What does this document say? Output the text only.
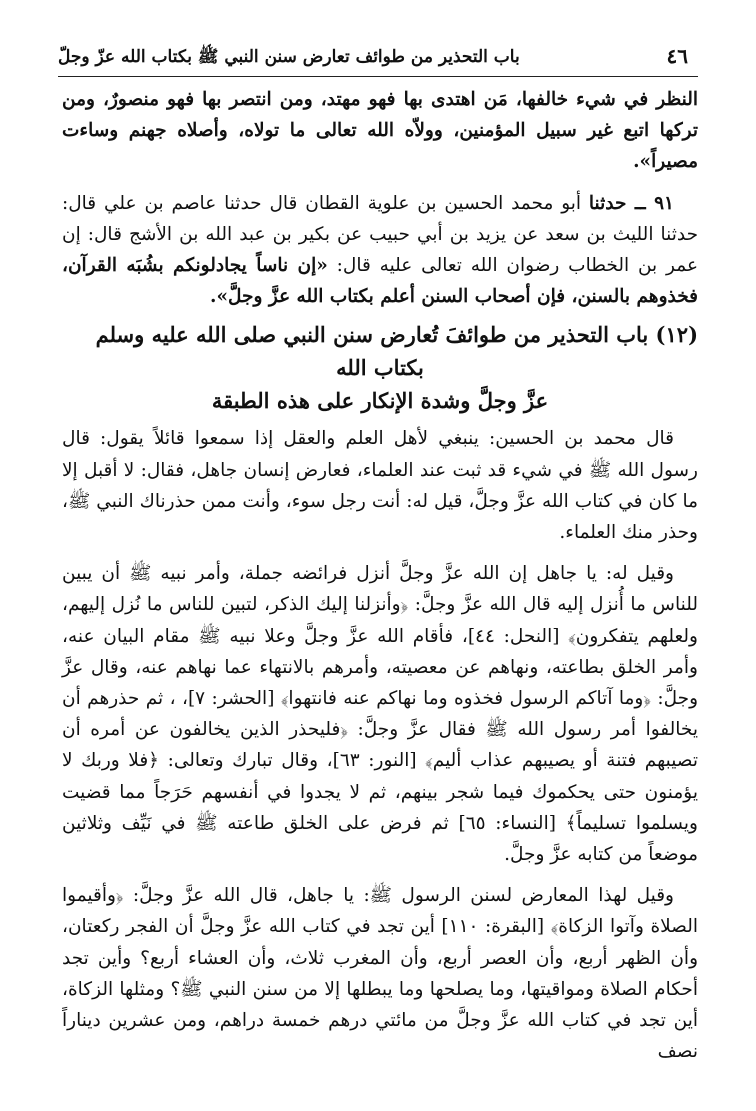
٤٦
باب التحذير من طوائف تعارض سنن النبي ﷺ بكتاب الله عزّ وجلّ

النظر في شيء خالفها، مَن اهتدى بها فهو مهتد، ومن انتصر بها فهو منصورٌ، ومن تركها اتبع غير سبيل المؤمنين، وولاّه الله تعالى ما تولاه، وأصلاه جهنم وساءت مصيراً».

٩١ ــ حدثنا أبو محمد الحسين بن علوية القطان قال حدثنا عاصم بن علي قال: حدثنا الليث بن سعد عن يزيد بن أبي حبيب عن بكير بن عبد الله بن الأشج قال: إن عمر بن الخطاب رضوان الله تعالى عليه قال: «إن ناساً يجادلونكم بشُبَه القرآن، فخذوهم بالسنن، فإن أصحاب السنن أعلم بكتاب الله عزَّ وجلَّ».

(١٢) باب التحذير من طوائفَ تُعارض سنن النبي صلى الله عليه وسلم
بكتاب الله
عزَّ وجلَّ وشدة الإنكار على هذه الطبقة

قال محمد بن الحسين: ينبغي لأهل العلم والعقل إذا سمعوا قائلاً يقول: قال رسول الله ﷺ في شيء قد ثبت عند العلماء، فعارض إنسان جاهل، فقال: لا أقبل إلا ما كان في كتاب الله عزَّ وجلَّ، قيل له: أنت رجل سوء، وأنت ممن حذرناك النبي ﷺ، وحذر منك العلماء.

وقيل له: يا جاهل إن الله عزَّ وجلَّ أنزل فرائضه جملة، وأمر نبيه ﷺ أن يبين للناس ما أُنزل إليه قال الله عزَّ وجلَّ: ﴿وأنزلنا إليك الذكر، لتبين للناس ما نُزل إليهم، ولعلهم يتفكرون﴾ [النحل: ٤٤]، فأقام الله عزَّ وجلَّ وعلا نبيه ﷺ مقام البيان عنه، وأمر الخلق بطاعته، ونهاهم عن معصيته، وأمرهم بالانتهاء عما نهاهم عنه، وقال عزَّ وجلَّ: ﴿وما آتاكم الرسول فخذوه وما نهاكم عنه فانتهوا﴾ [الحشر: ٧]، ، ثم حذرهم أن يخالفوا أمر رسول الله ﷺ فقال عزَّ وجلَّ: ﴿فليحذر الذين يخالفون عن أمره أن تصيبهم فتنة أو يصيبهم عذاب أليم﴾ [النور: ٦٣]، وقال تبارك وتعالى: ﴿فلا وربك لا يؤمنون حتى يحكموك فيما شجر بينهم، ثم لا يجدوا في أنفسهم حَرَجاً مما قضيت ويسلموا تسليماً﴾ [النساء: ٦٥] ثم فرض على الخلق طاعته ﷺ في نَيِّف وثلاثين موضعاً من كتابه عزَّ وجلَّ.

وقيل لهذا المعارض لسنن الرسول ﷺ: يا جاهل، قال الله عزَّ وجلَّ: ﴿وأقيموا الصلاة وآتوا الزكاة﴾ [البقرة: ١١٠] أين تجد في كتاب الله عزَّ وجلَّ أن الفجر ركعتان، وأن الظهر أربع، وأن العصر أربع، وأن المغرب ثلاث، وأن العشاء أربع؟ وأين تجد أحكام الصلاة ومواقيتها، وما يصلحها وما يبطلها إلا من سنن النبي ﷺ؟ ومثلها الزكاة، أين تجد في كتاب الله عزَّ وجلَّ من مائتي درهم خمسة دراهم، ومن عشرين ديناراً نصف
